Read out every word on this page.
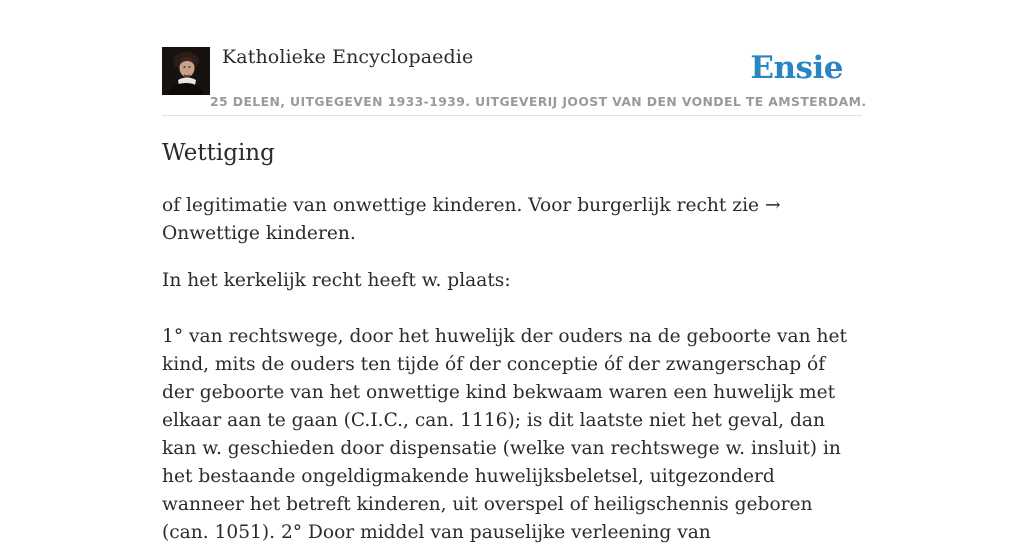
Katholieke Encyclopaedie	Ensie
25 DELEN, UITGEGEVEN 1933-1939. UITGEVERIJ JOOST VAN DEN VONDEL TE AMSTERDAM.
Wettiging

of legitimatie van onwettige kinderen. Voor burgerlijk recht zie → Onwettige kinderen.

In het kerkelijk recht heeft w. plaats:

1° van rechtswege, door het huwelijk der ouders na de geboorte van het kind, mits de ouders ten tijde óf der conceptie óf der zwangerschap óf der geboorte van het onwettige kind bekwaam waren een huwelijk met elkaar aan te gaan (C.I.C., can. 1116); is dit laatste niet het geval, dan kan w. geschieden door dispensatie (welke van rechtswege w. insluit) in het bestaande ongeldigmakende huwelijksbeletsel, uitgezonderd wanneer het betreft kinderen, uit overspel of heiligschennis geboren (can. 1051). 2° Door middel van pauselijke verleening van
